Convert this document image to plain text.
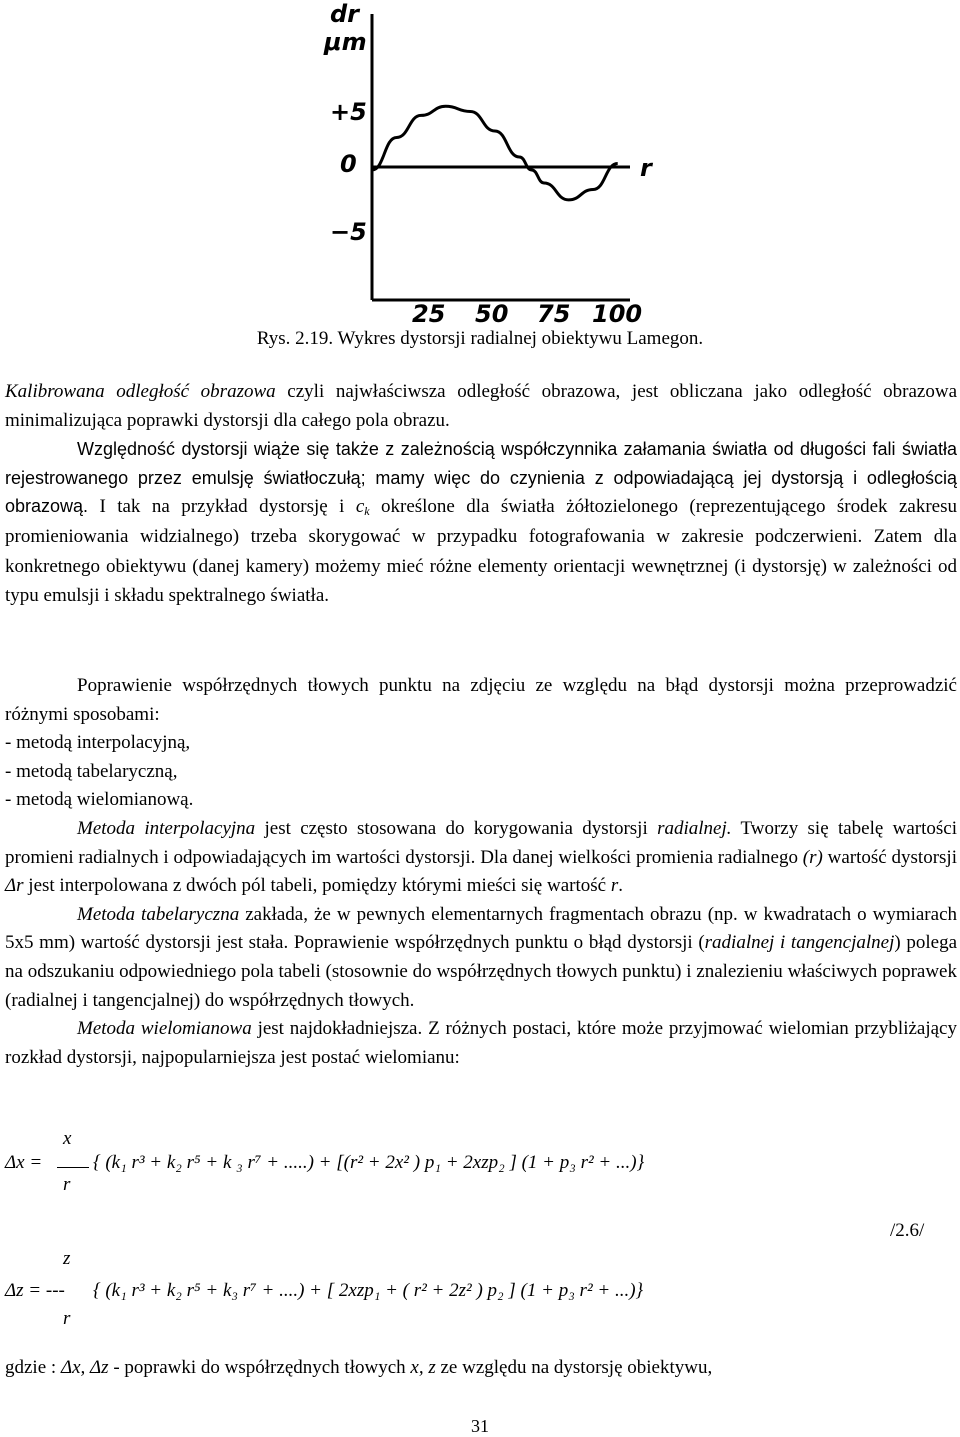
dr
μm
+5
0
−5
r
25 50 75 100
Rys. 2.19. Wykres dystorsji radialnej obiektywu Lamegon.

Kalibrowana odległość obrazowa czyli najwłaściwsza odległość obrazowa, jest obliczana jako odległość obrazowa minimalizująca poprawki dystorsji dla całego pola obrazu.

Względność dystorsji wiąże się także z zależnością współczynnika załamania światła od długości fali światła rejestrowanego przez emulsję światłoczułą; mamy więc do czynienia z odpowiadającą jej dystorsją i odległością obrazową. I tak na przykład dystorsję i $c_k$ określone dla światła żółtozielonego (reprezentującego środek zakresu promieniowania widzialnego) trzeba skorygować w przypadku fotografowania w zakresie podczerwieni. Zatem dla konkretnego obiektywu (danej kamery) możemy mieć różne elementy orientacji wewnętrznej (i dystorsję) w zależności od typu emulsji i składu spektralnego światła.

Poprawienie współrzędnych tłowych punktu na zdjęciu ze względu na błąd dystorsji można przeprowadzić różnymi sposobami:

- metodą interpolacyjną,

- metodą tabelaryczną,

- metodą wielomianową.

Metoda interpolacyjna jest często stosowana do korygowania dystorsji radialnej. Tworzy się tabelę wartości promieni radialnych i odpowiadających im wartości dystorsji. Dla danej wielkości promienia radialnego (r) wartość dystorsji Δr jest interpolowana z dwóch pól tabeli, pomiędzy którymi mieści się wartość r.

Metoda tabelaryczna zakłada, że w pewnych elementarnych fragmentach obrazu (np. w kwadratach o wymiarach 5x5 mm) wartość dystorsji jest stała. Poprawienie współrzędnych punktu o błąd dystorsji (radialnej i tangencjalnej) polega na odszukaniu odpowiedniego pola tabeli (stosownie do współrzędnych tłowych punktu) i znalezieniu właściwych poprawek (radialnej i tangencjalnej) do współrzędnych tłowych.

Metoda wielomianowa jest najdokładniejsza. Z różnych postaci, które może przyjmować wielomian przybliżający rozkład dystorsji, najpopularniejsza jest postać wielomianu:

x
r
Δx =	{ (k₁ r³ + k₂ r⁵ + k ₃ r⁷ + .....) + [(r² + 2x² ) p₁ + 2xzp₂ ] (1 + p₃ r² + ...)}
/2.6/
z
Δz = ---{ (k₁ r³ + k₂ r⁵ + k₃ r⁷ + ....) + [ 2xzp₁ + ( r² + 2z² ) p₂ ] (1 + p₃ r² + ...)}
r

gdzie : Δx, Δz - poprawki do współrzędnych tłowych x, z ze względu na dystorsję obiektywu,

31
